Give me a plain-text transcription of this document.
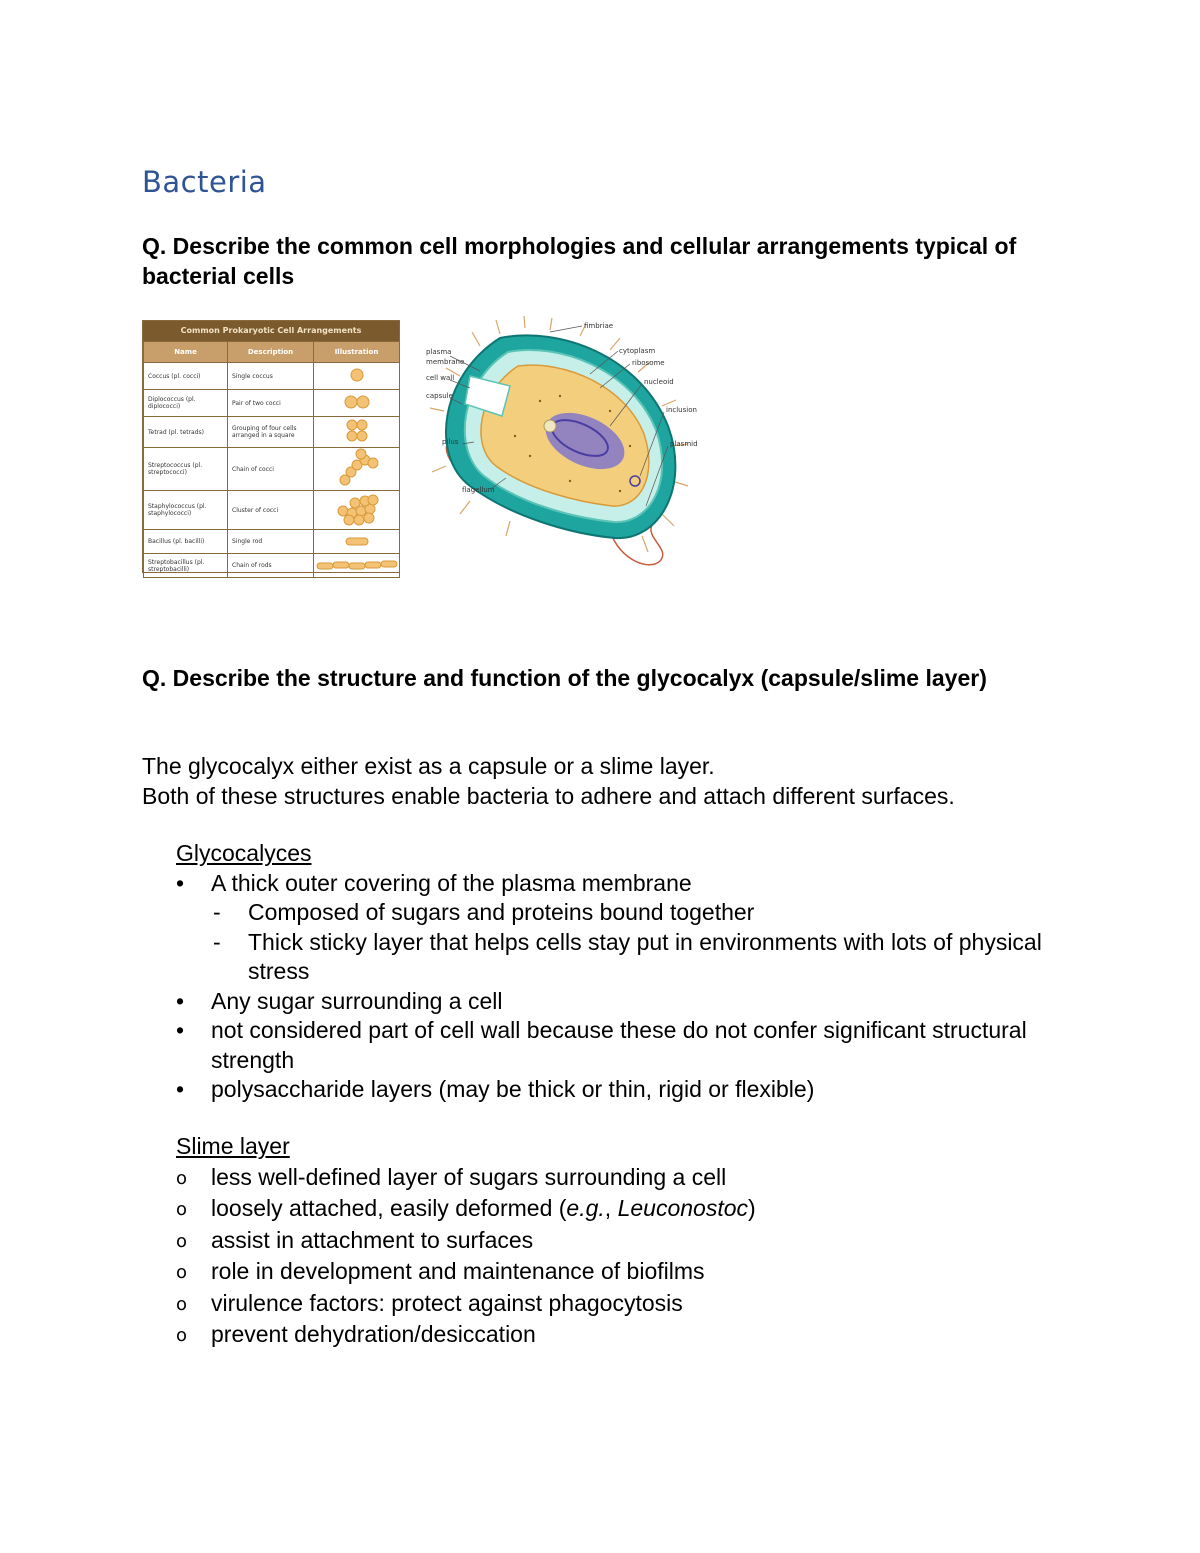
Bacteria
Q. Describe the common cell morphologies and cellular arrangements typical of bacterial cells
Common Prokaryotic Cell Arrangements
Name	Description	Illustration
Coccus (pl. cocci)	Single coccus	
Diplococcus (pl. diplococci)	Pair of two cocci	
Tetrad (pl. tetrads)	Grouping of four cells arranged in a square	
Streptococcus (pl. streptococci)	Chain of cocci	
Staphylococcus (pl. staphylococci)	Cluster of cocci	
Bacillus (pl. bacilli)	Single rod	
Streptobacillus (pl. streptobacilli)	Chain of rods	
fimbriae
plasma
membrane
cytoplasm
ribosome
cell wall	nucleoid
capsule
inclusion
pilus	plasmid
flagellum
Q. Describe the structure and function of the glycocalyx (capsule/slime layer)
The glycocalyx either exist as a capsule or a slime layer.
Both of these structures enable bacteria to adhere and attach different surfaces.
Glycocalyces
•	A thick outer covering of the plasma membrane
- Composed of sugars and proteins bound together
- Thick sticky layer that helps cells stay put in environments with lots of physical stress
•	Any sugar surrounding a cell
•	not considered part of cell wall because these do not confer significant structural strength
•	polysaccharide layers (may be thick or thin, rigid or flexible)
Slime layer
o less well-defined layer of sugars surrounding a cell
o loosely attached, easily deformed (e.g., Leuconostoc)
o assist in attachment to surfaces
o role in development and maintenance of biofilms
o virulence factors: protect against phagocytosis
o prevent dehydration/desiccation
